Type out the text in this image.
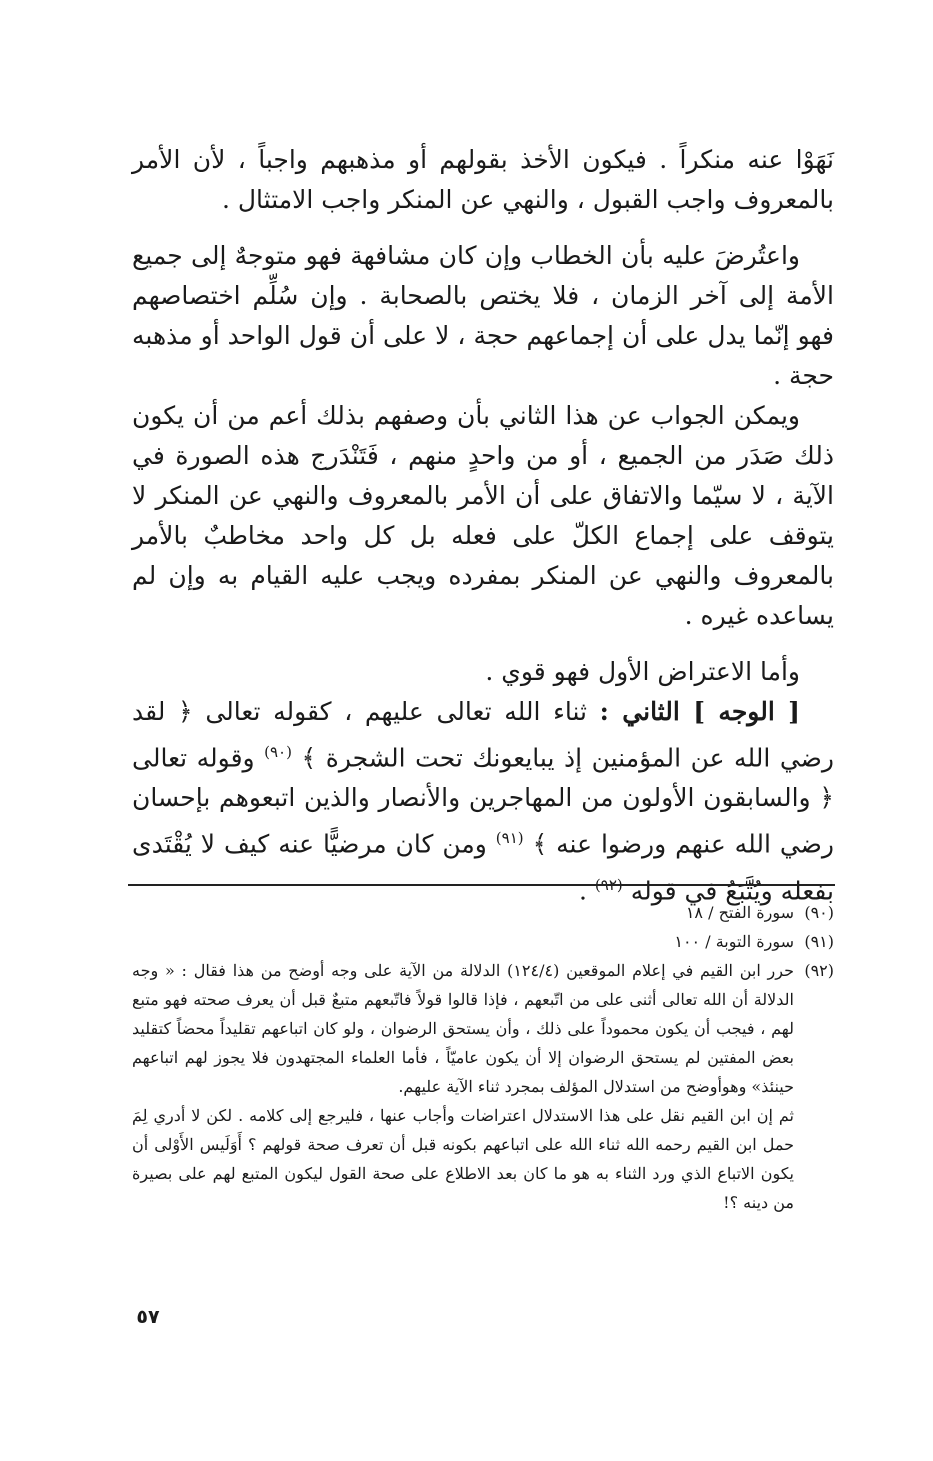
نَهَوْا عنه منكراً . فيكون الأخذ بقولهم أو مذهبهم واجباً ، لأن الأمر بالمعروف واجب القبول ، والنهي عن المنكر واجب الامتثال .

واعتُرضَ عليه بأن الخطاب وإن كان مشافهة فهو متوجهٌ إلى جميع الأمة إلى آخر الزمان ، فلا يختص بالصحابة . وإن سُلِّم اختصاصهم فهو إنّما يدل على أن إجماعهم حجة ، لا على أن قول الواحد أو مذهبه حجة .

ويمكن الجواب عن هذا الثاني بأن وصفهم بذلك أعم من أن يكون ذلك صَدَر من الجميع ، أو من واحدٍ منهم ، فَتَنْدَرج هذه الصورة في الآية ، لا سيّما والاتفاق على أن الأمر بالمعروف والنهي عن المنكر لا يتوقف على إجماع الكلّ على فعله بل كل واحد مخاطبٌ بالأمر بالمعروف والنهي عن المنكر بمفرده ويجب عليه القيام به وإن لم يساعده غيره .

وأما الاعتراض الأول فهو قوي .

[ الوجه ] الثاني : ثناء الله تعالى عليهم ، كقوله تعالى ﴿ لقد رضي الله عن المؤمنين إذ يبايعونك تحت الشجرة ﴾ $^{(٩٠)}$ وقوله تعالى ﴿ والسابقون الأولون من المهاجرين والأنصار والذين اتبعوهم بإحسان رضي الله عنهم ورضوا عنه ﴾ $^{(٩١)}$ ومن كان مرضيًّا عنه كيف لا يُقْتَدى بفعله ويُتَّبَعُ في قوله $^{(٩٢)}$ .

(٩٠)

سورة الفتح / ١٨

(٩١)

سورة التوبة / ١٠٠

(٩٢)

حرر ابن القيم في إعلام الموقعين (١٢٤/٤) الدلالة من الآية على وجه أوضح من هذا فقال : « وجه الدلالة أن الله تعالى أثنى على من اتّبعهم ، فإذا قالوا قولاً فاتّبعهم متبعٌ قبل أن يعرف صحته فهو متبع لهم ، فيجب أن يكون محموداً على ذلك ، وأن يستحق الرضوان ، ولو كان اتباعهم تقليداً محضاً كتقليد بعض المفتين لم يستحق الرضوان إلا أن يكون عاميّاً ، فأما العلماء المجتهدون فلا يجوز لهم اتباعهم حينئذ» وهوأوضح من استدلال المؤلف بمجرد ثناء الآية عليهم.

ثم إن ابن القيم نقل على هذا الاستدلال اعتراضات وأجاب عنها ، فليرجع إلى كلامه . لكن لا أدري لِمَ حمل ابن القيم رحمه الله ثناء الله على اتباعهم بكونه قبل أن تعرف صحة قولهم ؟ أَوَلَيس الأَوْلى أن يكون الاتباع الذي ورد الثناء به هو ما كان بعد الاطلاع على صحة القول ليكون المتبع لهم على بصيرة من دينه ؟!

٥٧
